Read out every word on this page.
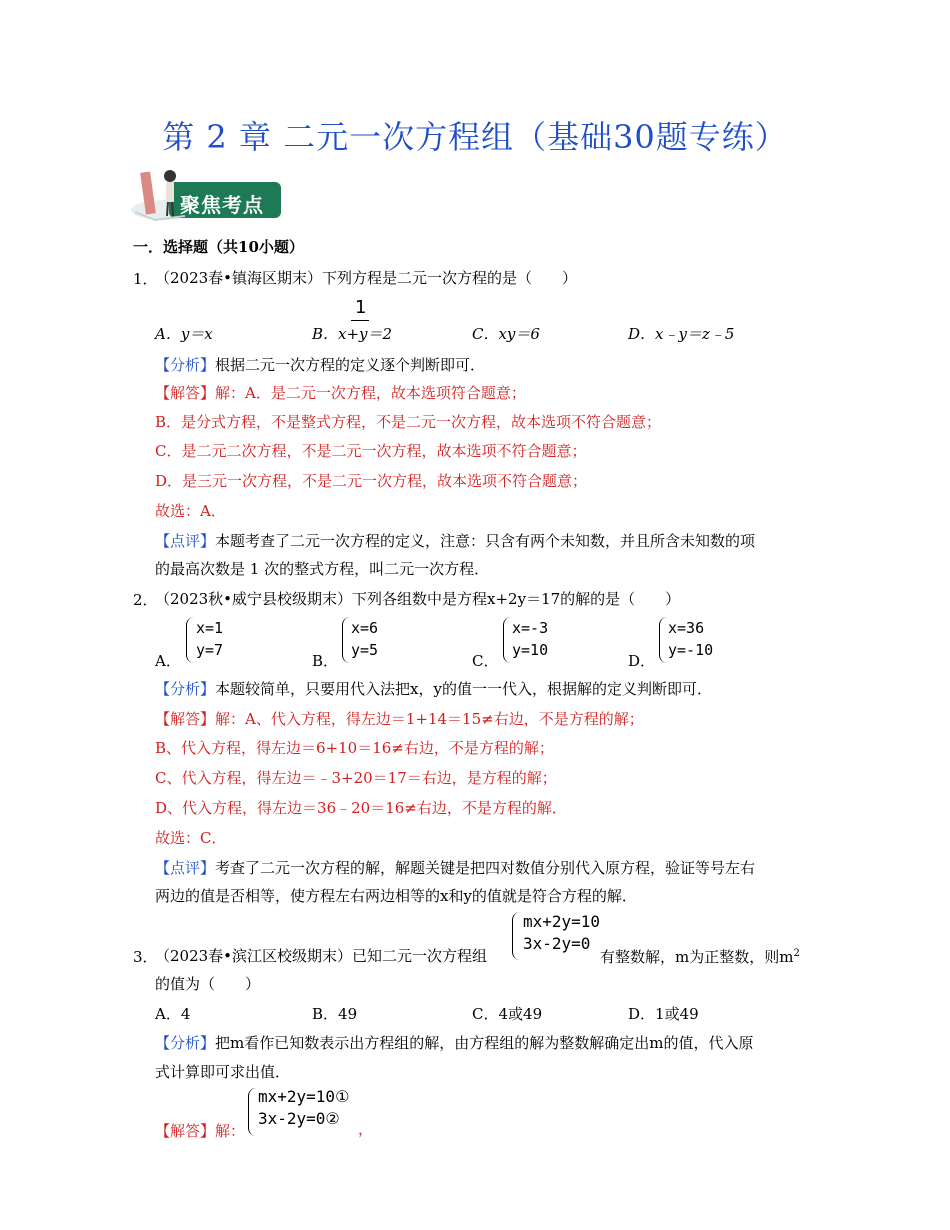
第 2 章 二元一次方程组（基础30题专练）
聚焦考点
一．选择题（共10小题）
1．
（2023春•镇海区期末）下列方程是二元一次方程的是（　　）
1
A．y＝x	B．x+y＝2	C．xy＝6	D．x﹣y＝z﹣5
【分析】根据二元一次方程的定义逐个判断即可．
【解答】解：A．是二元一次方程，故本选项符合题意；
B．是分式方程，不是整式方程，不是二元一次方程，故本选项不符合题意；
C．是二元二次方程，不是二元一次方程，故本选项不符合题意；
D．是三元一次方程，不是二元一次方程，故本选项不符合题意；
故选：A．
【点评】本题考查了二元一次方程的定义，注意：只含有两个未知数，并且所含未知数的项
的最高次数是 1 次的整式方程，叫二元一次方程．
2．
（2023秋•威宁县校级期末）下列各组数中是方程x+2y＝17的解的是（　　）
A．
x=1
y=7
B．
x=6
y=5
C．
x=-3
y=10
D．
x=36
y=-10
【分析】本题较简单，只要用代入法把x，y的值一一代入，根据解的定义判断即可．
【解答】解：A、代入方程，得左边＝1+14＝15≠右边，不是方程的解；
B、代入方程，得左边＝6+10＝16≠右边，不是方程的解；
C、代入方程，得左边＝﹣3+20＝17＝右边，是方程的解；
D、代入方程，得左边＝36﹣20＝16≠右边，不是方程的解．
故选：C．
【点评】考查了二元一次方程的解，解题关键是把四对数值分别代入原方程，验证等号左右
两边的值是否相等，使方程左右两边相等的x和y的值就是符合方程的解．
3．
（2023春•滨江区校级期末）已知二元一次方程组
mx+2y=10
3x-2y=0
有整数解，m为正整数，则$m^2$
的值为（　　）
A．4	B．49	C．4或49	D．1或49
【分析】把m看作已知数表示出方程组的解，由方程组的解为整数解确定出m的值，代入原
式计算即可求出值．
【解答】解：
mx+2y=10①
3x-2y=0②
，
